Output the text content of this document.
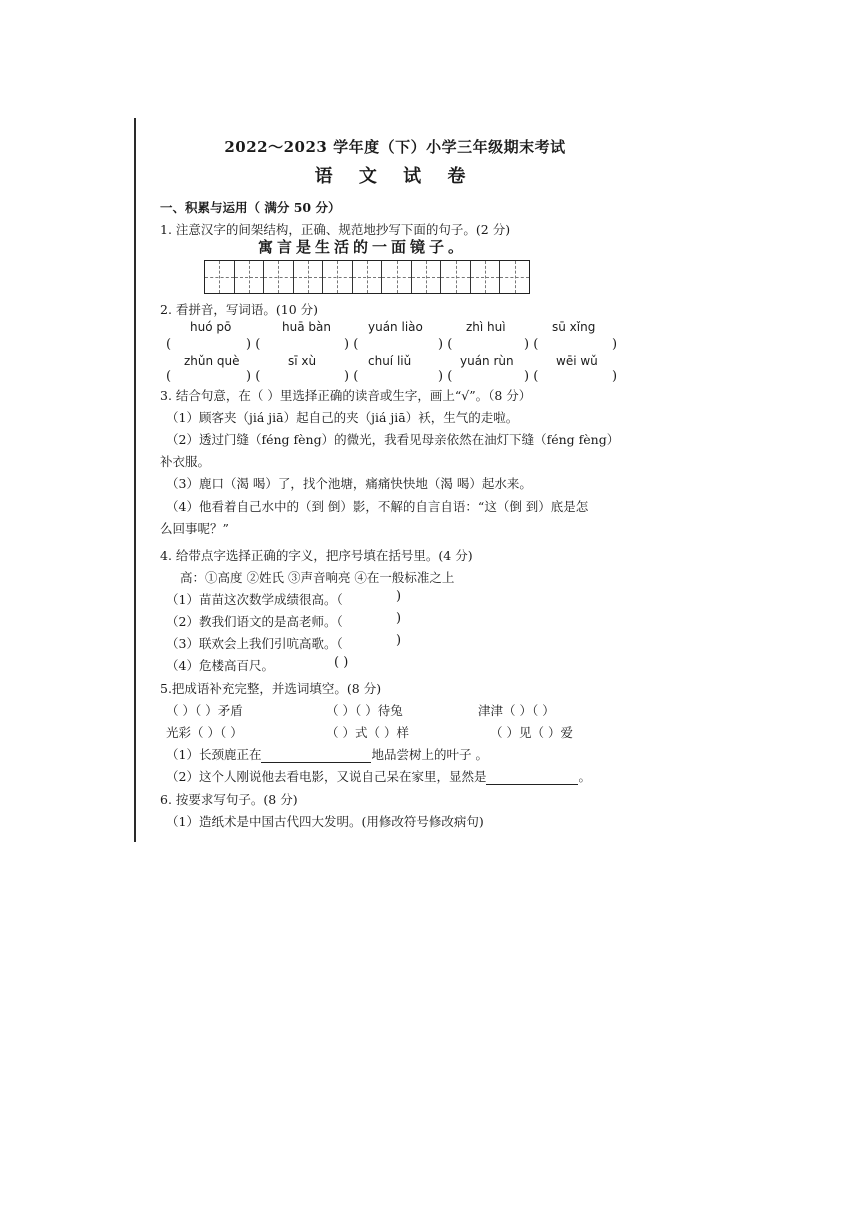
2022～2023 学年度（下）小学三年级期末考试
语 文 试 卷
一、积累与运用（ 满分 50 分）
1. 注意汉字的间架结构，正确、规范地抄写下面的句子。(2 分)
寓言是生活的一面镜子。
2. 看拼音，写词语。(10 分)
huó pō	huā bàn	yuán liào	zhì huì	sū xǐng
(	) (	) (	) (	) (	)
zhǔn què	sī xù	chuí liǔ	yuán rùn	wēi wǔ
(	) (	) (	) (	) (	)
3. 结合句意，在（ ）里选择正确的读音或生字，画上“√”。（8 分）
（1）顾客夹（jiá jiā）起自己的夹（jiá jiā）袄，生气的走啦。
（2）透过门缝（féng fèng）的微光，我看见母亲依然在油灯下缝（féng fèng）
补衣服。
（3）鹿口（渴 喝）了，找个池塘，痛痛快快地（渴 喝）起水来。
（4）他看着自己水中的（到 倒）影，不解的自言自语：“这（倒 到）底是怎
么回事呢？”
4. 给带点字选择正确的字义，把序号填在括号里。(4 分)
高：①高度 ②姓氏 ③声音响亮 ④在一般标准之上
（1）苗苗这次数学成绩很高。（	)
（2）教我们语文的是高老师。（	)
（3）联欢会上我们引吭高歌。（	)
（4）危楼高百尺。	( )
5.把成语补充完整，并选词填空。(8 分)
（ ）（ ）矛盾	（ ）（ ）待兔	津津（ ）（ ）
光彩（ ）（ ）	（ ）式（ ）样	（ ）见（ ）爱
（1）长颈鹿正在	地品尝树上的叶子 。
（2）这个人刚说他去看电影，又说自己呆在家里，显然是	。
6. 按要求写句子。(8 分)
（1）造纸术是中国古代四大发明。(用修改符号修改病句)
